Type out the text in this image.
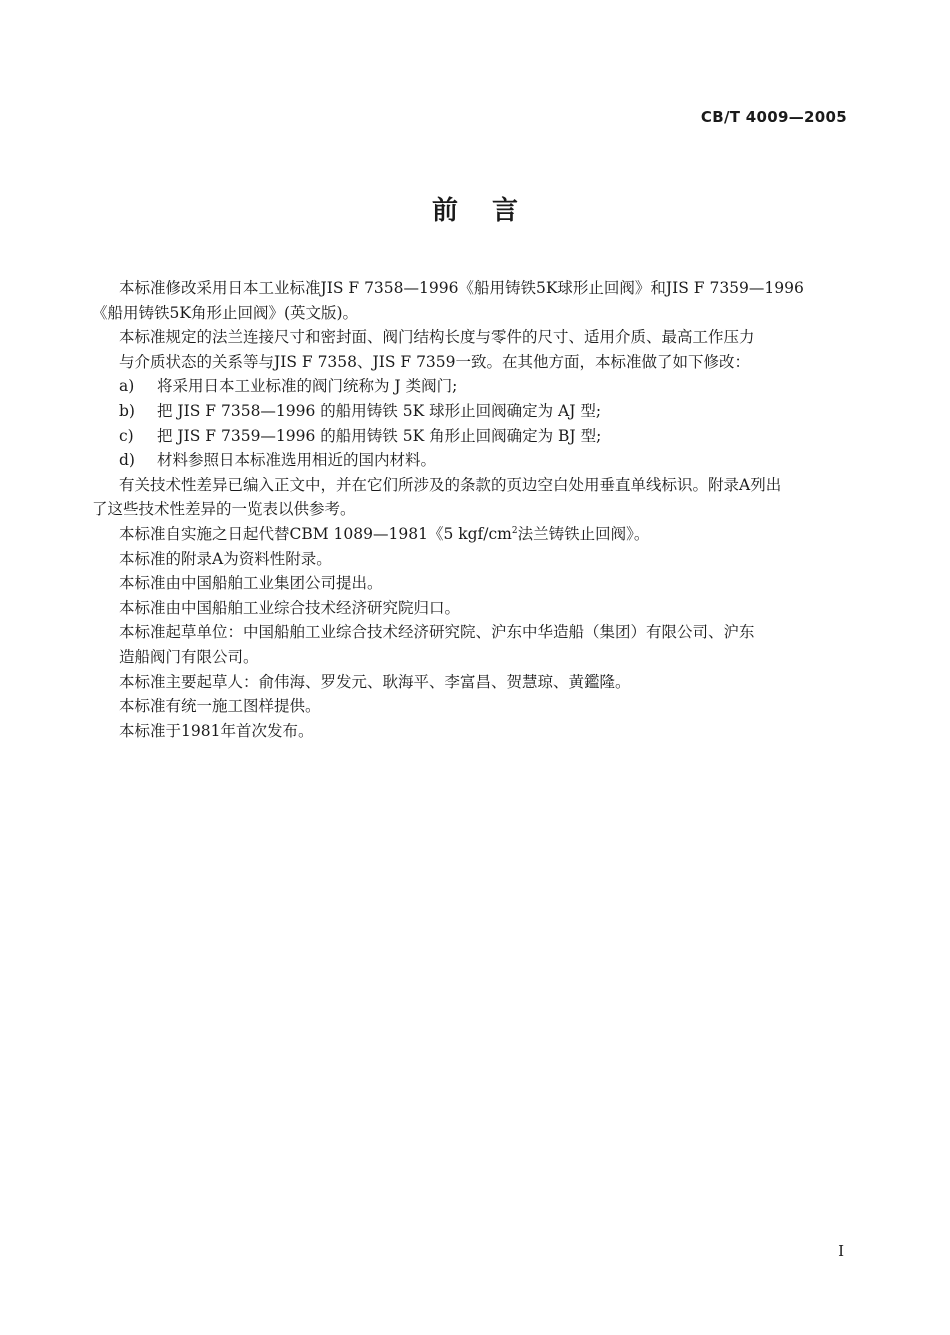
CB/T 4009—2005
前言

本标准修改采用日本工业标准JIS F 7358—1996《船用铸铁5K球形止回阀》和JIS F 7359—1996

《船用铸铁5K角形止回阀》(英文版)。

本标准规定的法兰连接尺寸和密封面、阀门结构长度与零件的尺寸、适用介质、最高工作压力

与介质状态的关系等与JIS F 7358、JIS F 7359一致。在其他方面，本标准做了如下修改：

a) 将采用日本工业标准的阀门统称为 J 类阀门;

b) 把 JIS F 7358—1996 的船用铸铁 5K 球形止回阀确定为 AJ 型;

c) 把 JIS F 7359—1996 的船用铸铁 5K 角形止回阀确定为 BJ 型;

d) 材料参照日本标准选用相近的国内材料。

有关技术性差异已编入正文中，并在它们所涉及的条款的页边空白处用垂直单线标识。附录A列出

了这些技术性差异的一览表以供参考。

本标准自实施之日起代替CBM 1089—1981《5 kgf/$cm^2$法兰铸铁止回阀》。

本标准的附录A为资料性附录。

本标准由中国船舶工业集团公司提出。

本标准由中国船舶工业综合技术经济研究院归口。

本标准起草单位：中国船舶工业综合技术经济研究院、沪东中华造船（集团）有限公司、沪东

造船阀门有限公司。

本标准主要起草人：俞伟海、罗发元、耿海平、李富昌、贺慧琼、黄鑑隆。

本标准有统一施工图样提供。

本标准于1981年首次发布。

I
